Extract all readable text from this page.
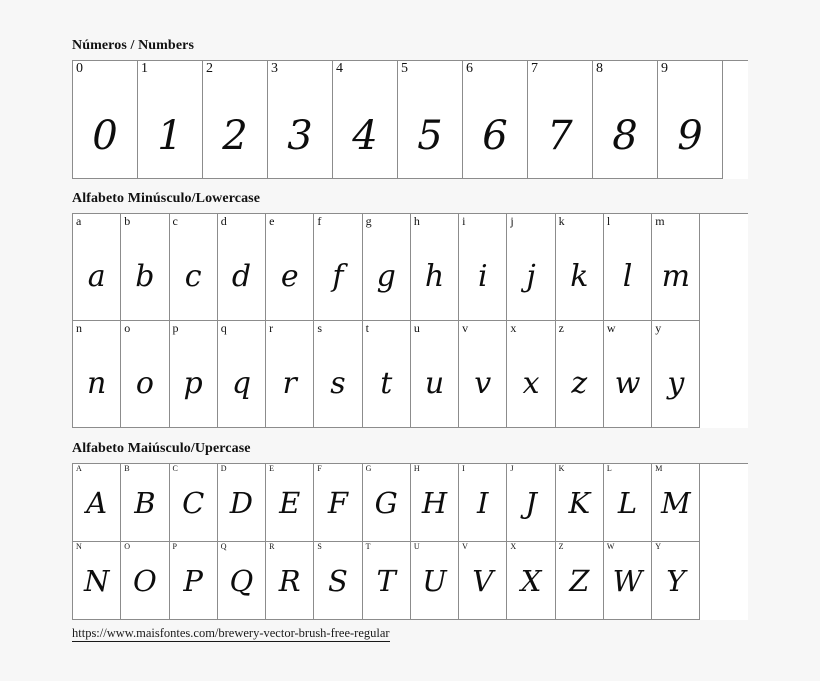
Números / Numbers
0
0
1
1
2
2
3
3
4
4
5
5
6
6
7
7
8
8
9
9
Alfabeto Minúsculo/Lowercase
a
a
b
b
c
c
d
d
e
e
f
f
g
g
h
h
i
i
j
j
k
k
l
l
m
m
n
n
o
o
p
p
q
q
r
r
s
s
t
t
u
u
v
v
x
x
z
z
w
w
y
y
Alfabeto Maiúsculo/Upercase
A
A
B
B
C
C
D
D
E
E
F
F
G
G
H
H
I
I
J
J
K
K
L
L
M
M
N
N
O
O
P
P
Q
Q
R
R
S
S
T
T
U
U
V
V
X
X
Z
Z
W
W
Y
Y
https://www.maisfontes.com/brewery-vector-brush-free-regular
